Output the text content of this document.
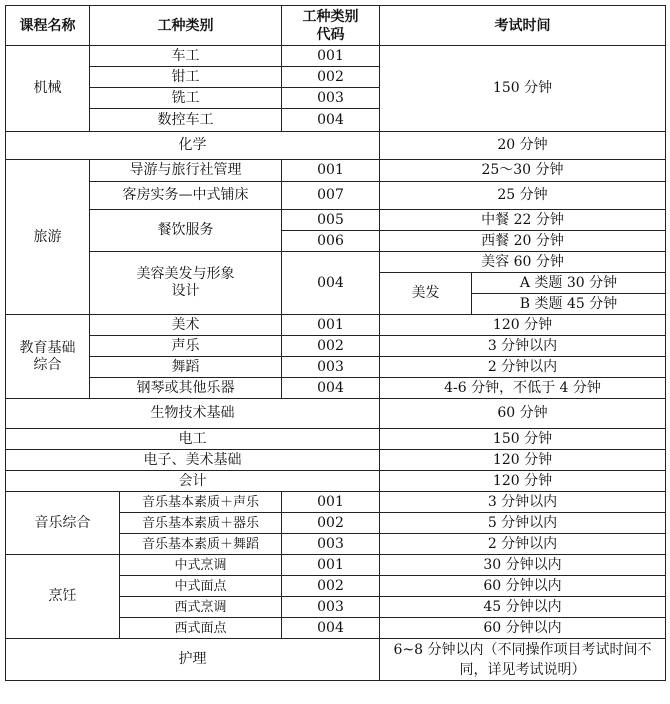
课程名称	工种类别		工种类别代码	考试时间	
机械	车工		001	150 分钟	
	钳工		002		
	铣工		003		
	数控车工		004		
化学				20 分钟	
旅游	导游与旅行社管理		001	25～30 分钟	
	客房实务—中式铺床		007	25 分钟	
	餐饮服务		005	中餐 22 分钟	
			006	西餐 20 分钟	
	美容美发与形象设计		004	美容 60 分钟	
				美发	A 类题 30 分钟
					B 类题 45 分钟
教育基础综合	美术		001	120 分钟	
	声乐		002	3 分钟以内	
	舞蹈		003	2 分钟以内	
	钢琴或其他乐器		004	4-6 分钟，不低于 4 分钟	
生物技术基础				60 分钟	
电工				150 分钟	
电子、美术基础				120 分钟	
会计				120 分钟	
音乐综合		音乐基本素质＋声乐	001	3 分钟以内	
		音乐基本素质＋器乐	002	5 分钟以内	
		音乐基本素质＋舞蹈	003	2 分钟以内	
烹饪		中式烹调	001	30 分钟以内	
		中式面点	002	60 分钟以内	
		西式烹调	003	45 分钟以内	
		西式面点	004	60 分钟以内	
护理				6~8 分钟以内（不同操作项目考试时间不同，详见考试说明）	
